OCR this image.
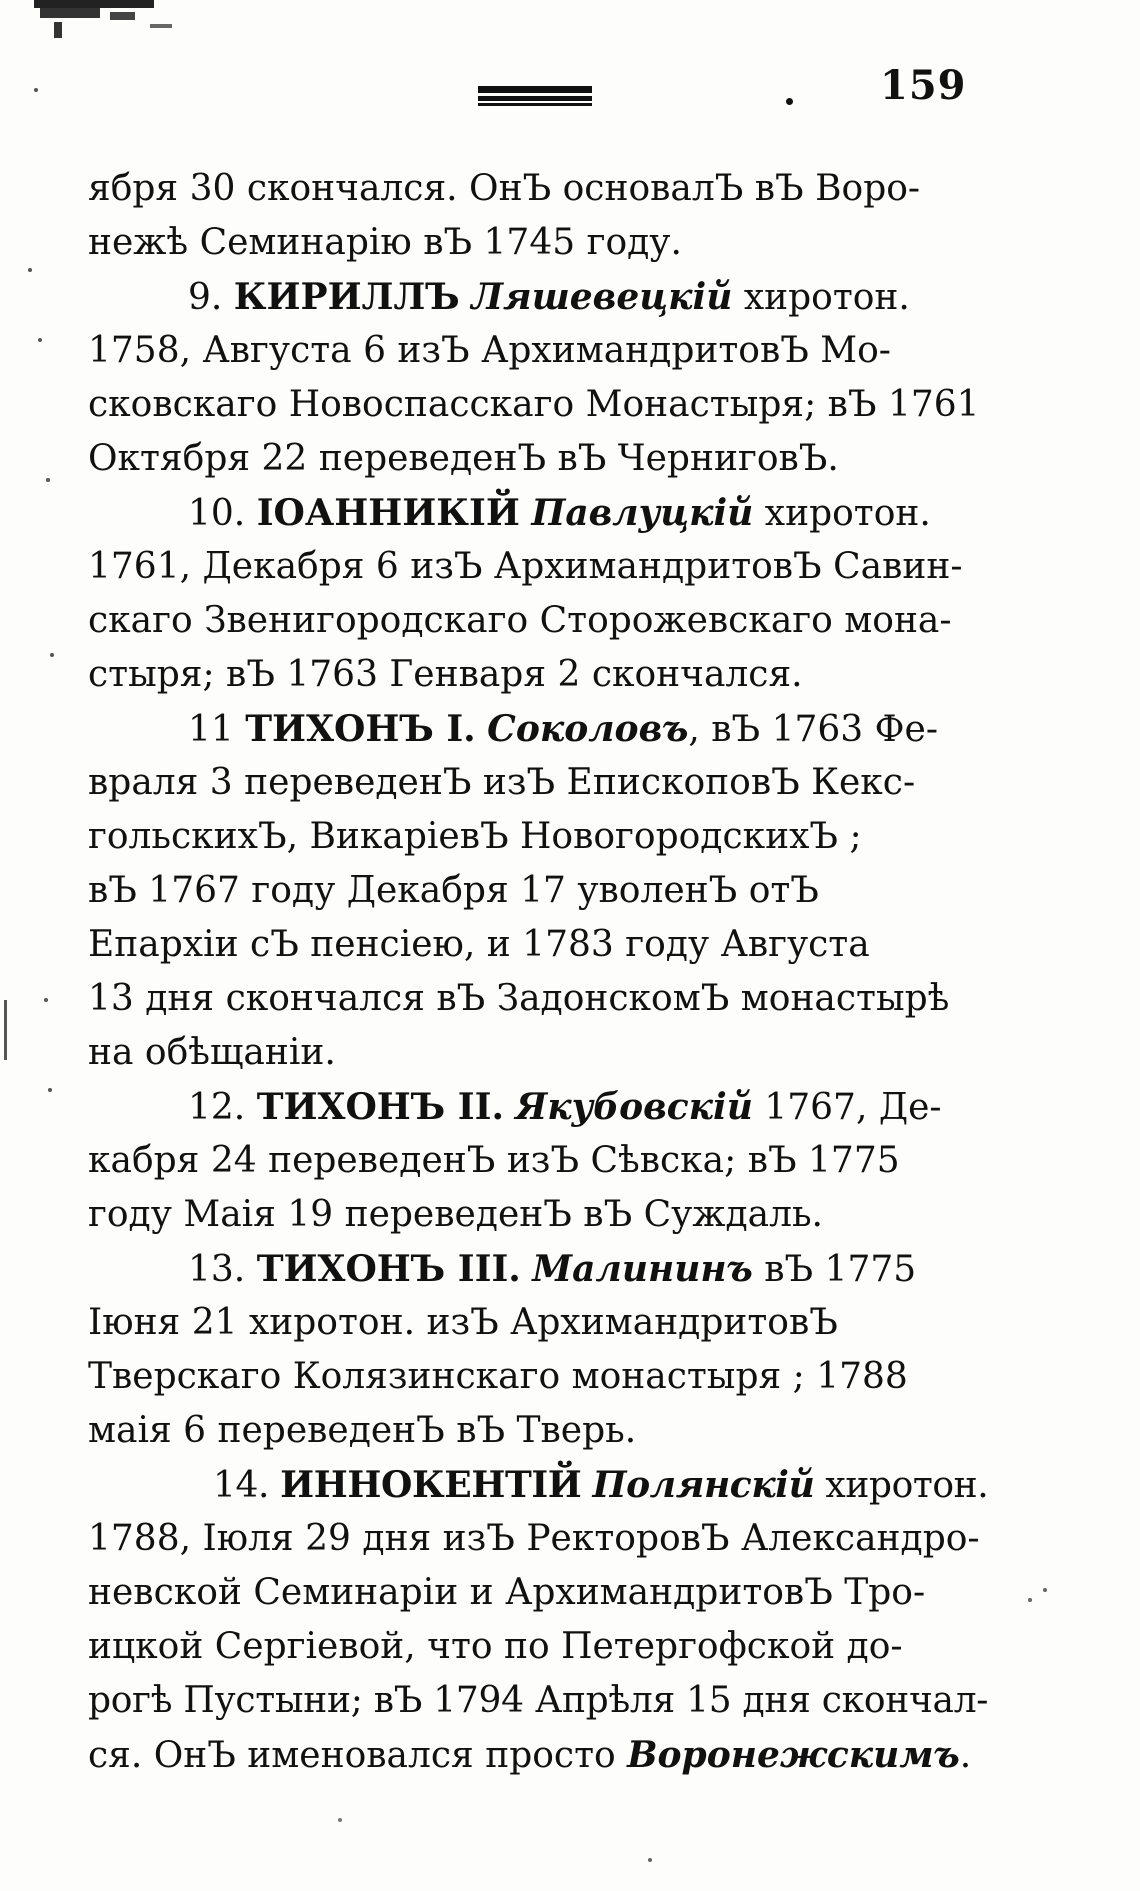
159
ября 30 скончался. ОнЪ основалЪ вЪ Воро-
нежѣ Семинарію вЪ 1745 году.
9. КИРИЛЛЪ Ляшевецкій хиротон.
1758, Августа 6 изЪ АрхимандритовЪ Мо-
сковскаго Новоспасскаго Монастыря; вЪ 1761
Октября 22 переведенЪ вЪ ЧерниговЪ.
10. ІОАННИКІЙ Павлуцкій хиротон.
1761, Декабря 6 изЪ АрхимандритовЪ Савин-
скаго Звенигородскаго Сторожевскаго мона-
стыря; вЪ 1763 Генваря 2 скончался.
11 ТИХОНЪ I. Соколовъ, вЪ 1763 Фе-
враля 3 переведенЪ изЪ ЕпископовЪ Кекс-
гольскихЪ, ВикаріевЪ НовогородскихЪ ;
вЪ 1767 году Декабря 17 уволенЪ отЪ
Епархіи сЪ пенсіею, и 1783 году Августа
13 дня скончался вЪ ЗадонскомЪ монастырѣ
на обѣщаніи.
12. ТИХОНЪ II. Якубовскій 1767, Де-
кабря 24 переведенЪ изЪ Сѣвска; вЪ 1775
году Маія 19 переведенЪ вЪ Суждаль.
13. ТИХОНЪ III. Малининъ вЪ 1775
Іюня 21 хиротон. изЪ АрхимандритовЪ
Тверскаго Колязинскаго монастыря ; 1788
маія 6 переведенЪ вЪ Тверь.
14. ИННОКЕНТІЙ Полянскій хиротон.
1788, Іюля 29 дня изЪ РекторовЪ Александро-
невской Семинаріи и АрхимандритовЪ Тро-
ицкой Сергіевой, что по Петергофской до-
рогѣ Пустыни; вЪ 1794 Апрѣля 15 дня скончал-
ся. ОнЪ именовался просто Воронежскимъ.
